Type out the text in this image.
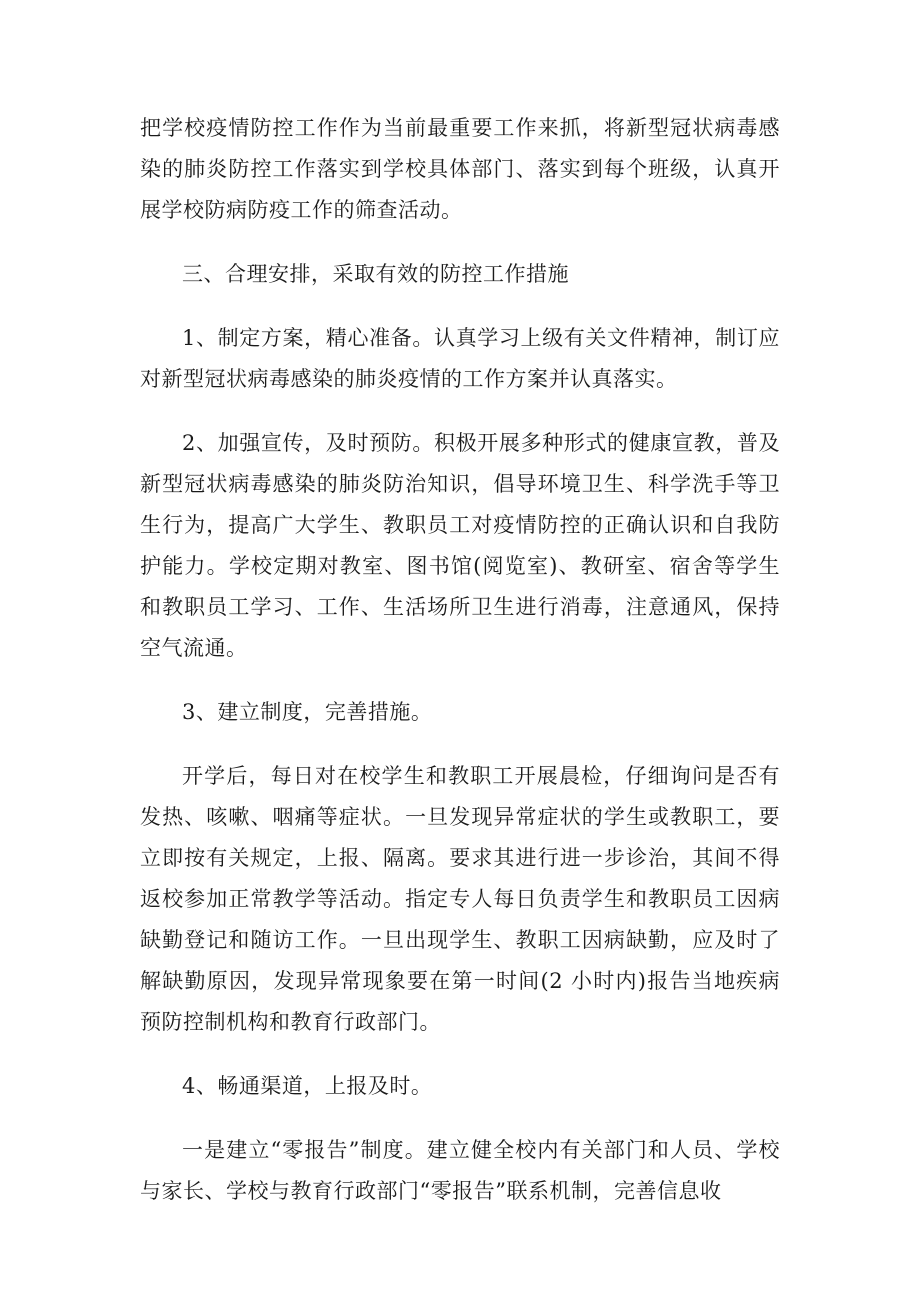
把学校疫情防控工作作为当前最重要工作来抓，将新型冠状病毒感染的肺炎防控工作落实到学校具体部门、落实到每个班级，认真开展学校防病防疫工作的筛查活动。

三、合理安排，采取有效的防控工作措施

1、制定方案，精心准备。认真学习上级有关文件精神，制订应对新型冠状病毒感染的肺炎疫情的工作方案并认真落实。

2、加强宣传，及时预防。积极开展多种形式的健康宣教，普及新型冠状病毒感染的肺炎防治知识，倡导环境卫生、科学洗手等卫生行为，提高广大学生、教职员工对疫情防控的正确认识和自我防护能力。学校定期对教室、图书馆(阅览室)、教研室、宿舍等学生和教职员工学习、工作、生活场所卫生进行消毒，注意通风，保持空气流通。

3、建立制度，完善措施。

开学后，每日对在校学生和教职工开展晨检，仔细询问是否有发热、咳嗽、咽痛等症状。一旦发现异常症状的学生或教职工，要立即按有关规定，上报、隔离。要求其进行进一步诊治，其间不得返校参加正常教学等活动。指定专人每日负责学生和教职员工因病缺勤登记和随访工作。一旦出现学生、教职工因病缺勤，应及时了解缺勤原因，发现异常现象要在第一时间(2 小时内)报告当地疾病预防控制机构和教育行政部门。

4、畅通渠道，上报及时。

一是建立“零报告”制度。建立健全校内有关部门和人员、学校与家长、学校与教育行政部门“零报告”联系机制，完善信息收
